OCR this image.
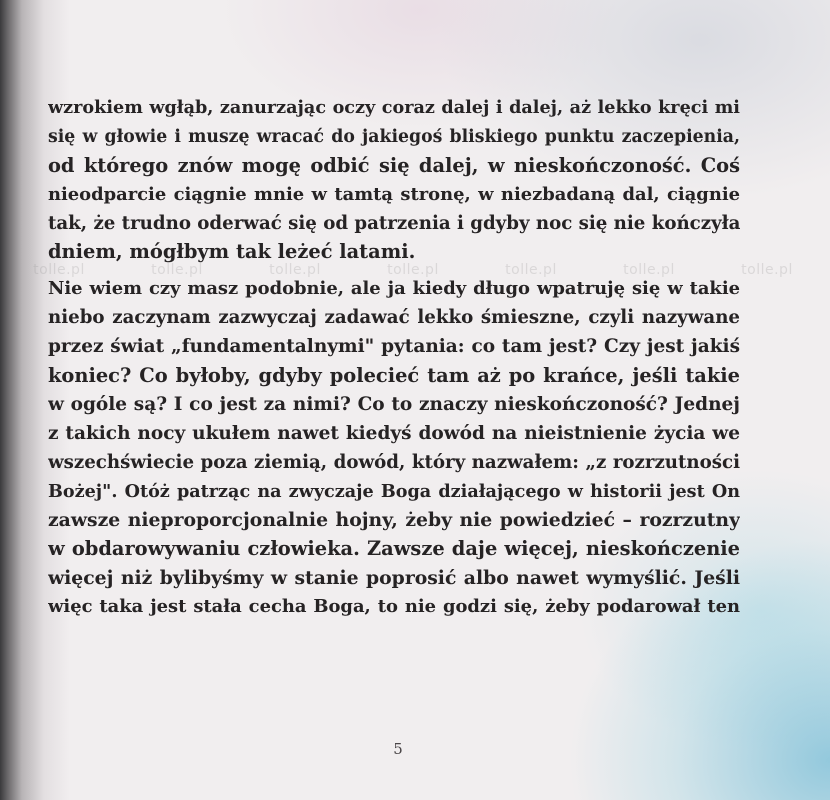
tolle.pl	tolle.pl	tolle.pl	tolle.pl	tolle.pl	tolle.pl	tolle.pl

wzrokiem wgłąb, zanurzając oczy coraz dalej i dalej, aż lekko kręci mi
się w głowie i muszę wracać do jakiegoś bliskiego punktu zaczepienia,
od którego znów mogę odbić się dalej, w nieskończoność. Coś
nieodparcie ciągnie mnie w tamtą stronę, w niezbadaną dal, ciągnie
tak, że trudno oderwać się od patrzenia i gdyby noc się nie kończyła
dniem, mógłbym tak leżeć latami.

Nie wiem czy masz podobnie, ale ja kiedy długo wpatruję się w takie
niebo zaczynam zazwyczaj zadawać lekko śmieszne, czyli nazywane
przez świat „fundamentalnymi" pytania: co tam jest? Czy jest jakiś
koniec? Co byłoby, gdyby polecieć tam aż po krańce, jeśli takie
w ogóle są? I co jest za nimi? Co to znaczy nieskończoność? Jednej
z takich nocy ukułem nawet kiedyś dowód na nieistnienie życia we
wszechświecie poza ziemią, dowód, który nazwałem: „z rozrzutności
Bożej". Otóż patrząc na zwyczaje Boga działającego w historii jest On
zawsze nieproporcjonalnie hojny, żeby nie powiedzieć – rozrzutny
w obdarowywaniu człowieka. Zawsze daje więcej, nieskończenie
więcej niż bylibyśmy w stanie poprosić albo nawet wymyślić. Jeśli
więc taka jest stała cecha Boga, to nie godzi się, żeby podarował ten

5
